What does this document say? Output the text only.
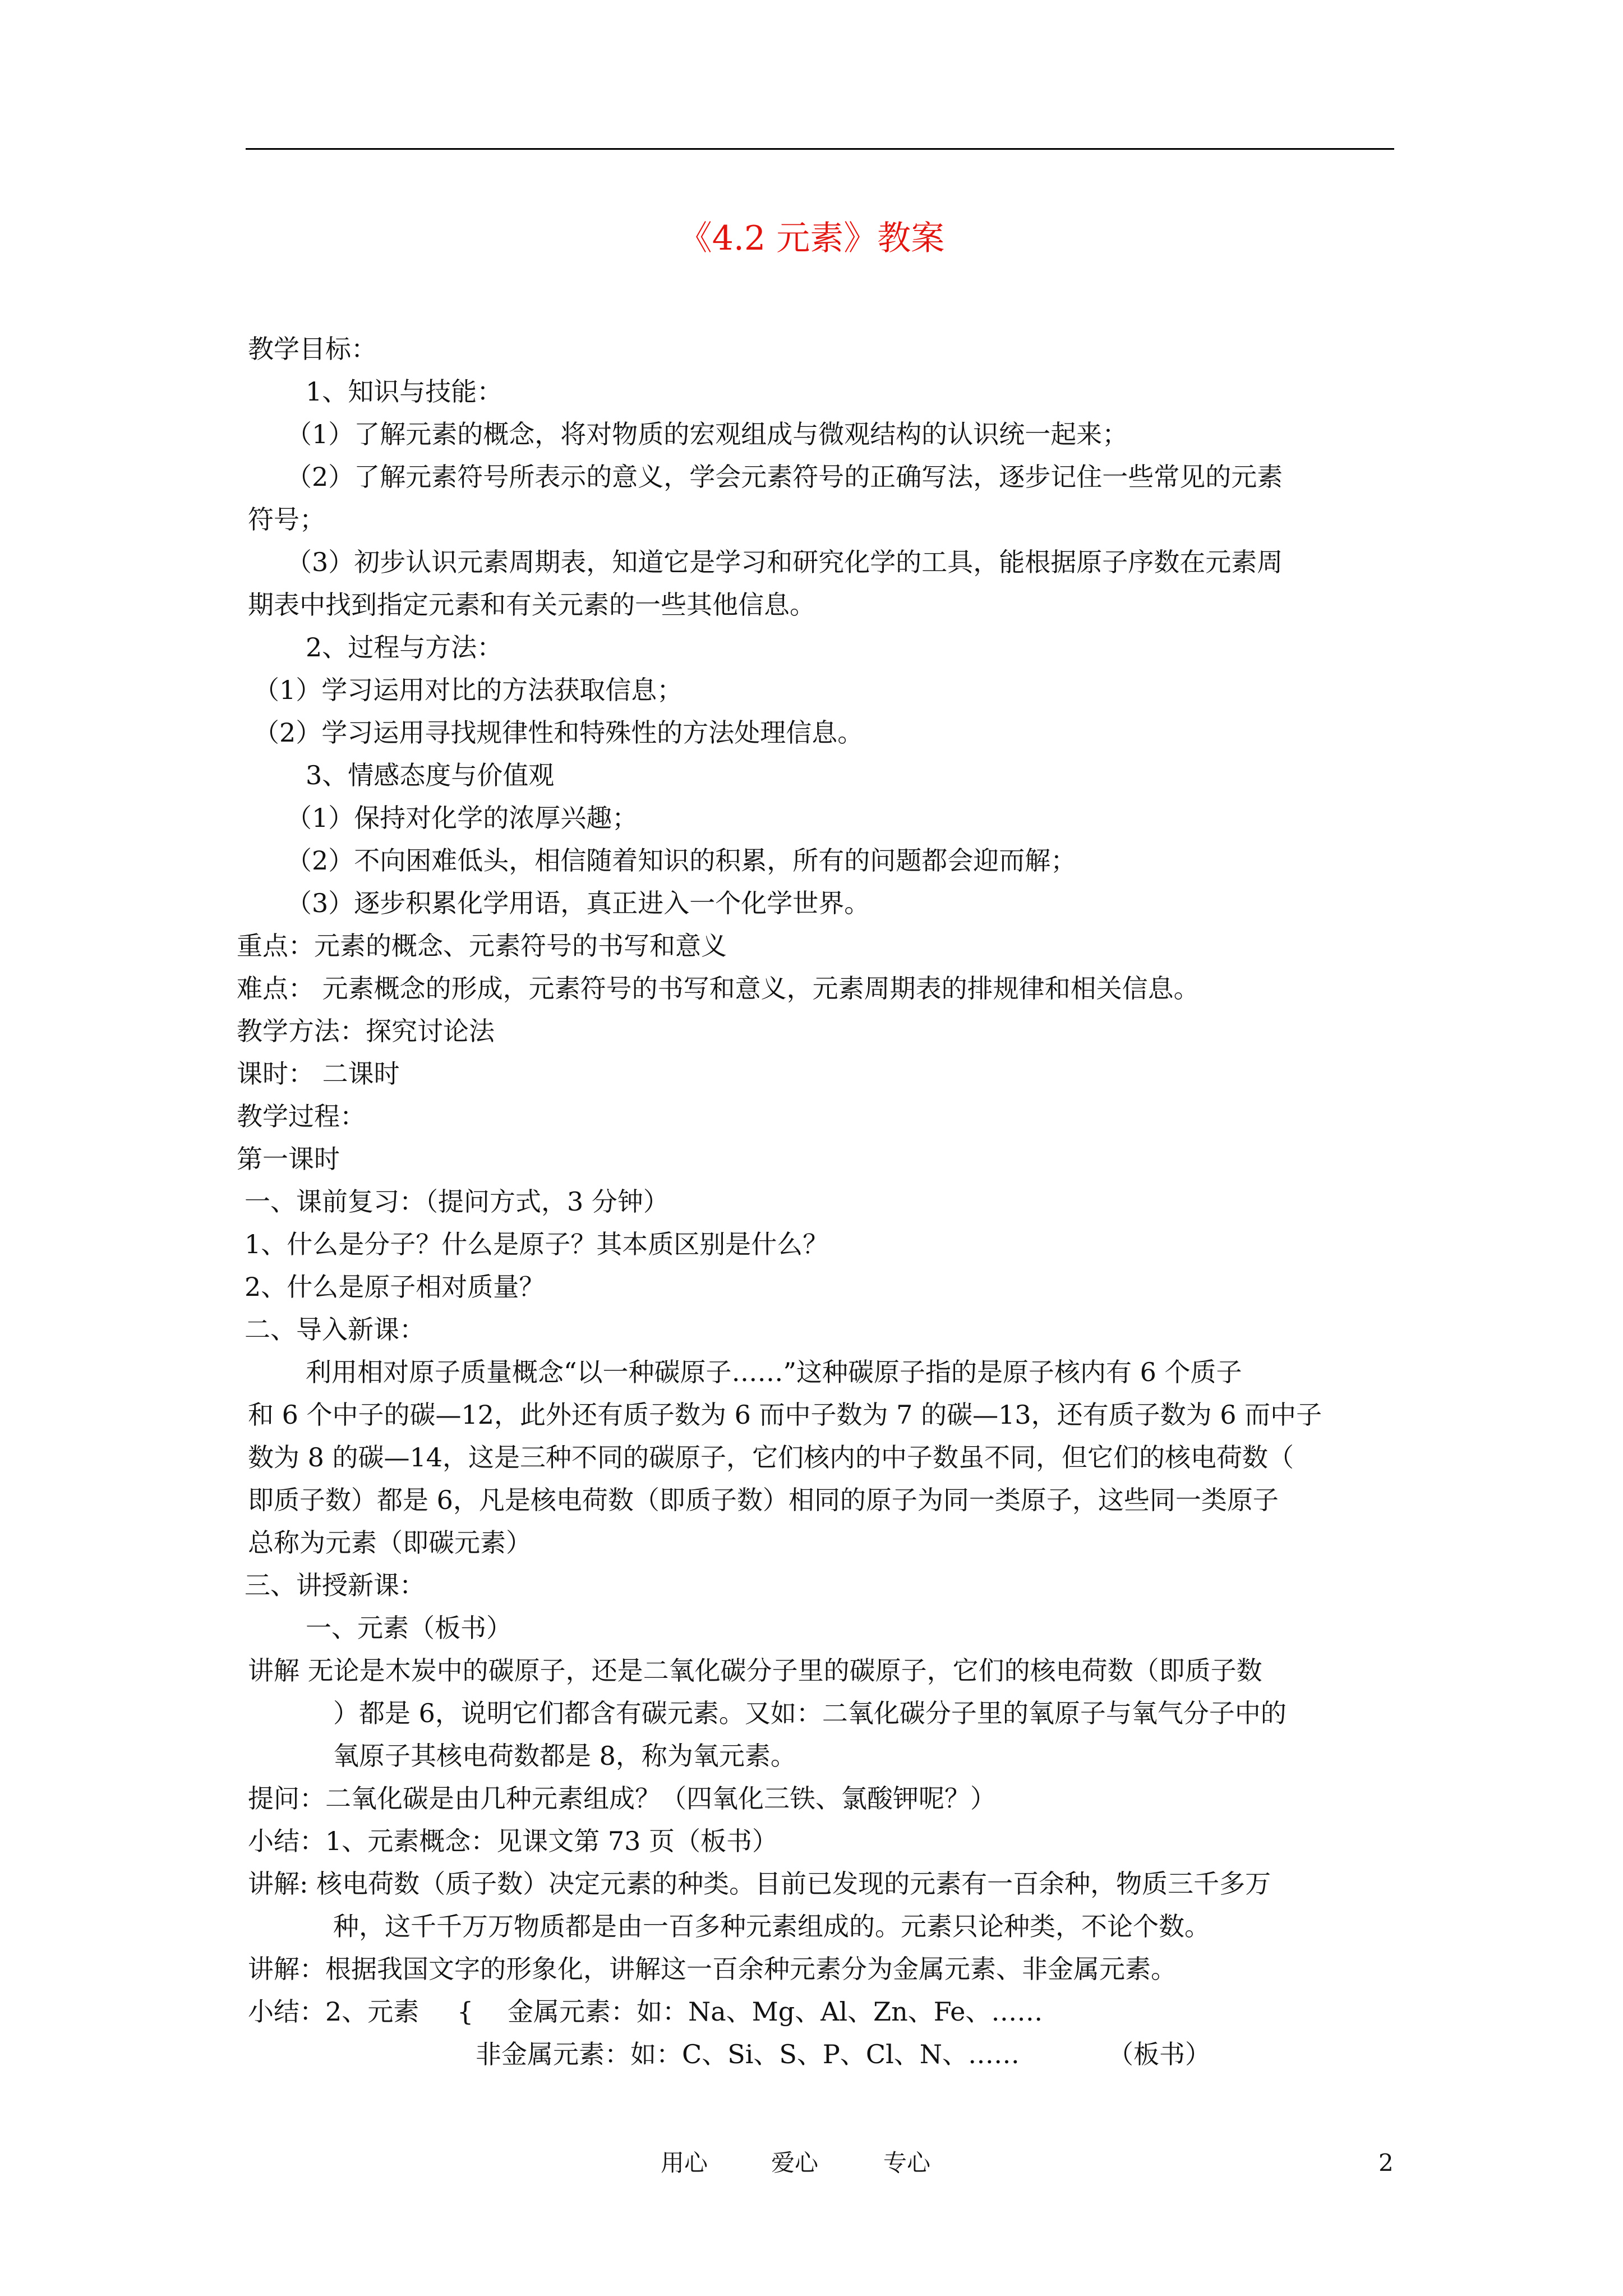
《4.2 元素》教案
教学目标：
1、知识与技能：
（1）了解元素的概念，将对物质的宏观组成与微观结构的认识统一起来；
（2）了解元素符号所表示的意义，学会元素符号的正确写法，逐步记住一些常见的元素
符号；
（3）初步认识元素周期表，知道它是学习和研究化学的工具，能根据原子序数在元素周
期表中找到指定元素和有关元素的一些其他信息。
2、过程与方法：
（1）学习运用对比的方法获取信息；
（2）学习运用寻找规律性和特殊性的方法处理信息。
3、情感态度与价值观
（1）保持对化学的浓厚兴趣；
（2）不向困难低头，相信随着知识的积累，所有的问题都会迎而解；
（3）逐步积累化学用语，真正进入一个化学世界。
重点：元素的概念、元素符号的书写和意义
难点： 元素概念的形成，元素符号的书写和意义，元素周期表的排规律和相关信息。
教学方法：探究讨论法
课时： 二课时
教学过程：
第一课时
一、课前复习：（提问方式，3 分钟）
1、什么是分子？什么是原子？其本质区别是什么？
2、什么是原子相对质量？
二、导入新课：
利用相对原子质量概念“以一种碳原子……”这种碳原子指的是原子核内有 6 个质子
和 6 个中子的碳—12，此外还有质子数为 6 而中子数为 7 的碳—13，还有质子数为 6 而中子
数为 8 的碳—14，这是三种不同的碳原子，它们核内的中子数虽不同，但它们的核电荷数（
即质子数）都是 6，凡是核电荷数（即质子数）相同的原子为同一类原子，这些同一类原子
总称为元素（即碳元素）
三、讲授新课：
一、元素（板书）
讲解 无论是木炭中的碳原子，还是二氧化碳分子里的碳原子，它们的核电荷数（即质子数
）都是 6，说明它们都含有碳元素。又如：二氧化碳分子里的氧原子与氧气分子中的
氧原子其核电荷数都是 8，称为氧元素。
提问：二氧化碳是由几种元素组成？（四氧化三铁、氯酸钾呢？）
小结：1、元素概念：见课文第 73 页（板书）
讲解: 核电荷数（质子数）决定元素的种类。目前已发现的元素有一百余种，物质三千多万
种，这千千万万物质都是由一百多种元素组成的。元素只论种类，不论个数。
讲解：根据我国文字的形象化，讲解这一百余种元素分为金属元素、非金属元素。
小结：2、元素 { 金属元素：如：Na、Mg、Al、Zn、Fe、……
非金属元素：如：C、Si、S、P、Cl、N、……	（板书）
用心	爱心	专心	2
